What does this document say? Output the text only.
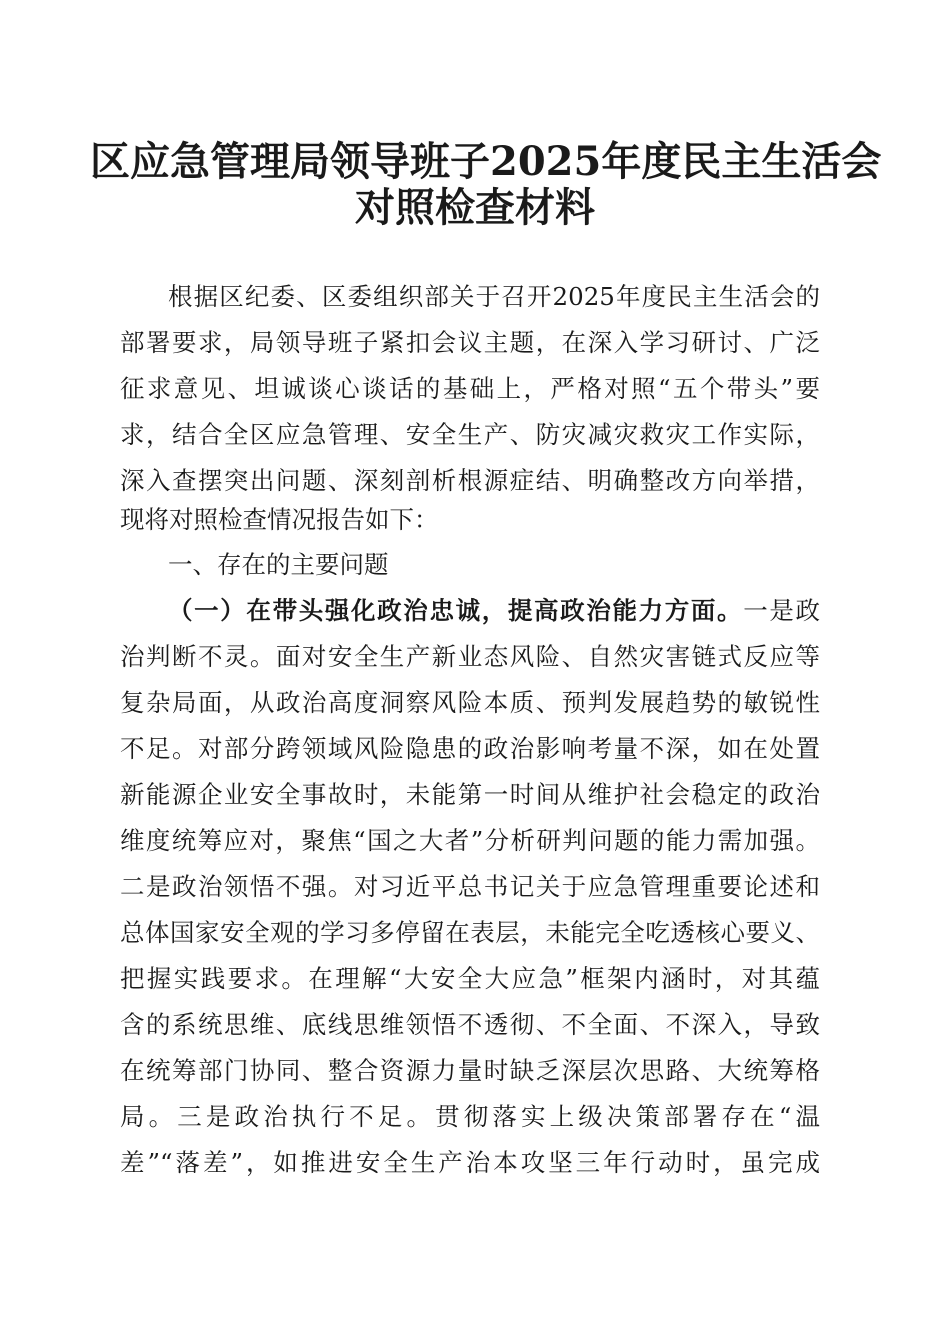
区应急管理局领导班子2025年度民主生活会
对照检查材料
根据区纪委、区委组织部关于召开2025年度民主生活会的
部署要求，局领导班子紧扣会议主题，在深入学习研讨、广泛
征求意见、坦诚谈心谈话的基础上，严格对照“五个带头”要
求，结合全区应急管理、安全生产、防灾减灾救灾工作实际，
深入查摆突出问题、深刻剖析根源症结、明确整改方向举措，
现将对照检查情况报告如下：
一、存在的主要问题
（一）在带头强化政治忠诚，提高政治能力方面。一是政
治判断不灵。面对安全生产新业态风险、自然灾害链式反应等
复杂局面，从政治高度洞察风险本质、预判发展趋势的敏锐性
不足。对部分跨领域风险隐患的政治影响考量不深，如在处置
新能源企业安全事故时，未能第一时间从维护社会稳定的政治
维度统筹应对，聚焦“国之大者”分析研判问题的能力需加强。
二是政治领悟不强。对习近平总书记关于应急管理重要论述和
总体国家安全观的学习多停留在表层，未能完全吃透核心要义、
把握实践要求。在理解“大安全大应急”框架内涵时，对其蕴
含的系统思维、底线思维领悟不透彻、不全面、不深入，导致
在统筹部门协同、整合资源力量时缺乏深层次思路、大统筹格
局。三是政治执行不足。贯彻落实上级决策部署存在“温
差”“落差”，如推进安全生产治本攻坚三年行动时，虽完成
